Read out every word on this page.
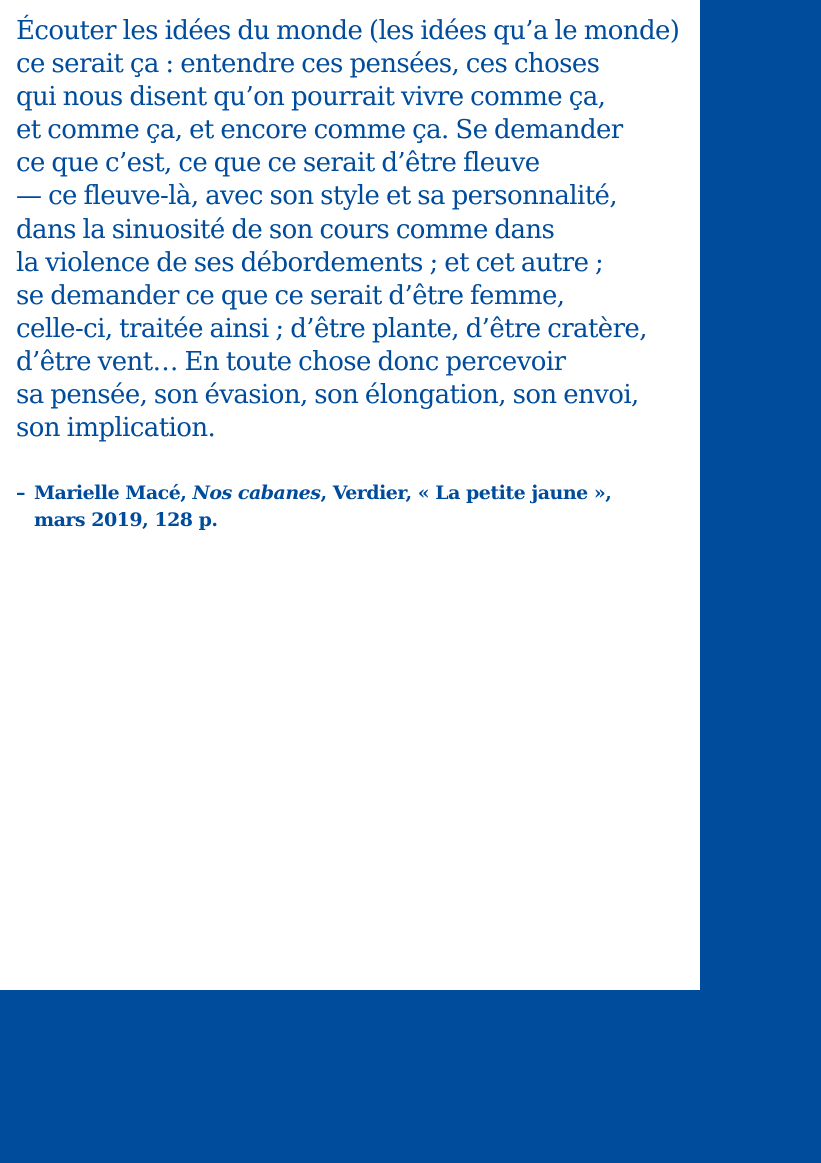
Écouter les idées du monde (les idées qu’a le monde)
ce serait ça : entendre ces pensées, ces choses
qui nous disent qu’on pourrait vivre comme ça,
et comme ça, et encore comme ça. Se demander
ce que c’est, ce que ce serait d’être fleuve
— ce fleuve-là, avec son style et sa personnalité,
dans la sinuosité de son cours comme dans
la violence de ses débordements ; et cet autre ;
se demander ce que ce serait d’être femme,
celle-ci, traitée ainsi ; d’être plante, d’être cratère,
d’être vent… En toute chose donc percevoir
sa pensée, son évasion, son élongation, son envoi,
son implication.

– Marielle Macé, Nos cabanes, Verdier, « La petite jaune »,
mars 2019, 128 p.
